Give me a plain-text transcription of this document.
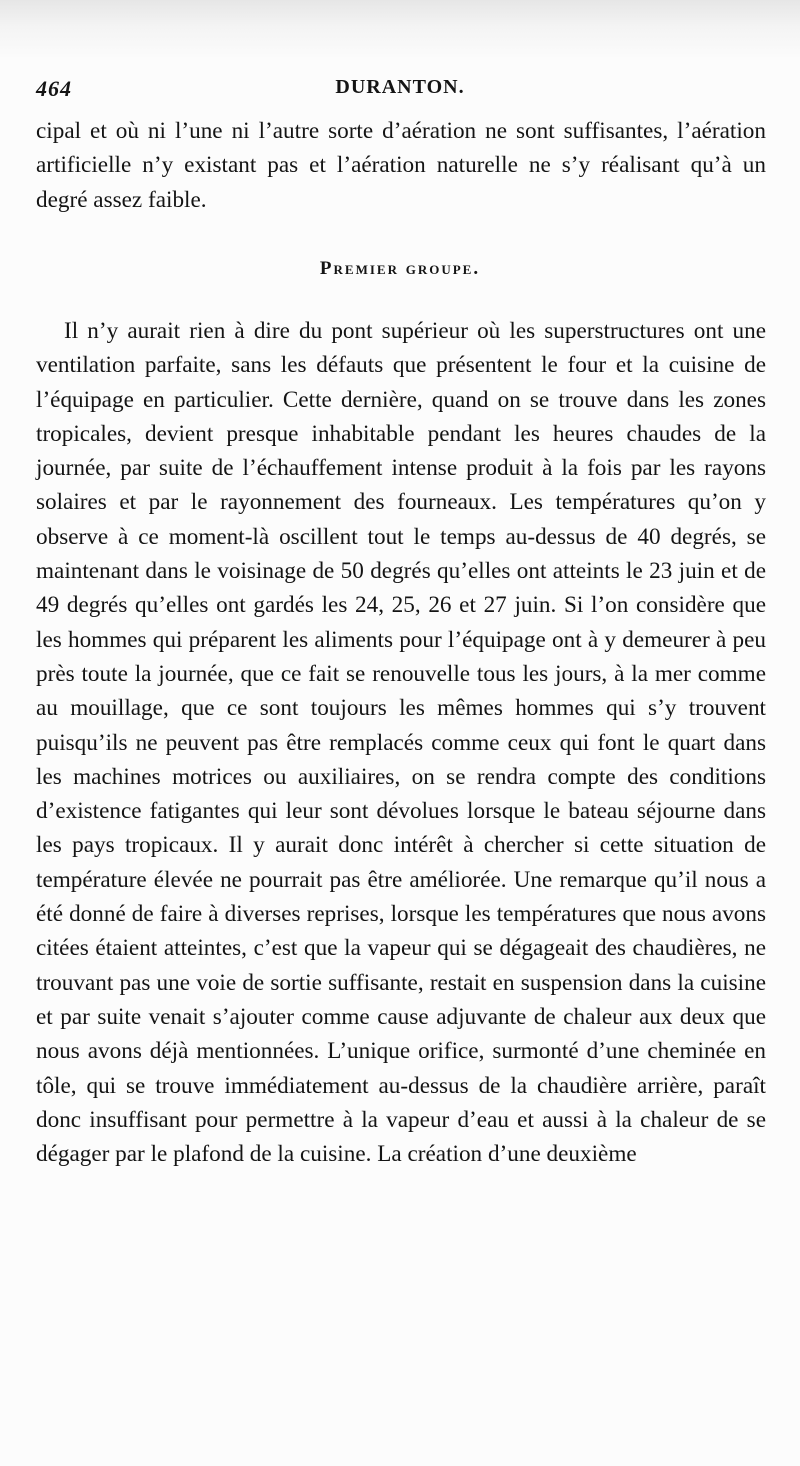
464	DURANTON.

cipal et où ni l’une ni l’autre sorte d’aération ne sont suffisantes, l’aération artificielle n’y existant pas et l’aération naturelle ne s’y réalisant qu’à un degré assez faible.

Premier groupe.

Il n’y aurait rien à dire du pont supérieur où les superstructures ont une ventilation parfaite, sans les défauts que présentent le four et la cuisine de l’équipage en particulier. Cette dernière, quand on se trouve dans les zones tropicales, devient presque inhabitable pendant les heures chaudes de la journée, par suite de l’échauffement intense produit à la fois par les rayons solaires et par le rayonnement des fourneaux. Les températures qu’on y observe à ce moment-là oscillent tout le temps au-dessus de 40 degrés, se maintenant dans le voisinage de 50 degrés qu’elles ont atteints le 23 juin et de 49 degrés qu’elles ont gardés les 24, 25, 26 et 27 juin. Si l’on considère que les hommes qui préparent les aliments pour l’équipage ont à y demeurer à peu près toute la journée, que ce fait se renouvelle tous les jours, à la mer comme au mouillage, que ce sont toujours les mêmes hommes qui s’y trouvent puisqu’ils ne peuvent pas être remplacés comme ceux qui font le quart dans les machines motrices ou auxiliaires, on se rendra compte des conditions d’existence fatigantes qui leur sont dévolues lorsque le bateau séjourne dans les pays tropicaux. Il y aurait donc intérêt à chercher si cette situation de température élevée ne pourrait pas être améliorée. Une remarque qu’il nous a été donné de faire à diverses reprises, lorsque les températures que nous avons citées étaient atteintes, c’est que la vapeur qui se dégageait des chaudières, ne trouvant pas une voie de sortie suffisante, restait en suspension dans la cuisine et par suite venait s’ajouter comme cause adjuvante de chaleur aux deux que nous avons déjà mentionnées. L’unique orifice, surmonté d’une cheminée en tôle, qui se trouve immédiatement au-dessus de la chaudière arrière, paraît donc insuffisant pour permettre à la vapeur d’eau et aussi à la chaleur de se dégager par le plafond de la cuisine. La création d’une deuxième
